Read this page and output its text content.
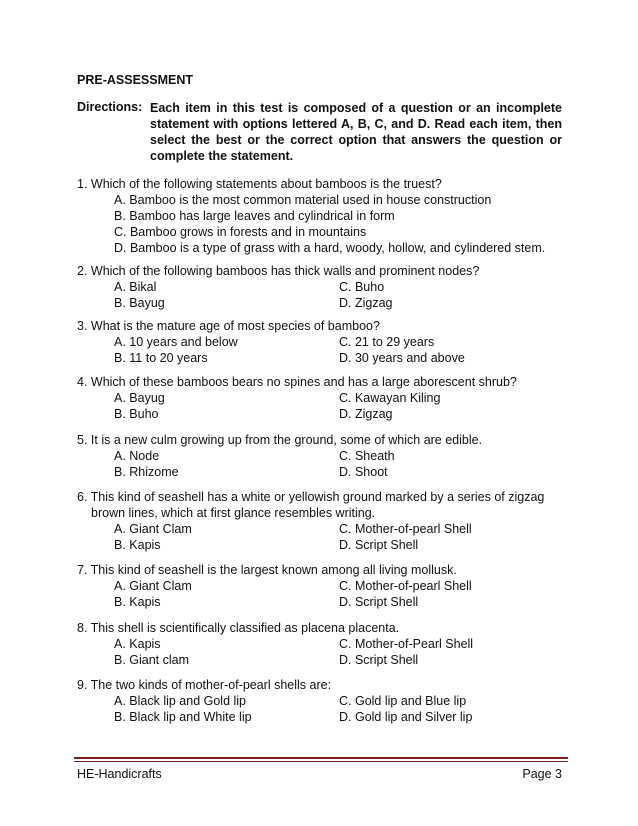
PRE-ASSESSMENT
Directions: Each item in this test is composed of a question or an incomplete statement with options lettered A, B, C, and D. Read each item, then select the best or the correct option that answers the question or complete the statement.
1. Which of the following statements about bamboos is the truest?
A. Bamboo is the most common material used in house construction
B. Bamboo has large leaves and cylindrical in form
C. Bamboo grows in forests and in mountains
D. Bamboo is a type of grass with a hard, woody, hollow, and cylindered stem.
2. Which of the following bamboos has thick walls and prominent nodes?
A. Bikal	C. Buho
B. Bayug	D. Zigzag
3. What is the mature age of most species of bamboo?
A. 10 years and below	C. 21 to 29 years
B. 11 to 20 years	D. 30 years and above
4. Which of these bamboos bears no spines and has a large aborescent shrub?
A. Bayug	C. Kawayan Kiling
B. Buho	D. Zigzag
5. It is a new culm growing up from the ground, some of which are edible.
A. Node	C. Sheath
B. Rhizome	D. Shoot
6. This kind of seashell has a white or yellowish ground marked by a series of zigzag
brown lines, which at first glance resembles writing.
A. Giant Clam	C. Mother-of-pearl Shell
B. Kapis	D. Script Shell
7. This kind of seashell is the largest known among all living mollusk.
A. Giant Clam	C. Mother-of-pearl Shell
B. Kapis	D. Script Shell
8. This shell is scientifically classified as placena placenta.
A. Kapis	C. Mother-of-Pearl Shell
B. Giant clam	D. Script Shell
9. The two kinds of mother-of-pearl shells are:
A. Black lip and Gold lip	C. Gold lip and Blue lip
B. Black lip and White lip	D. Gold lip and Silver lip
HE-Handicrafts	Page 3
